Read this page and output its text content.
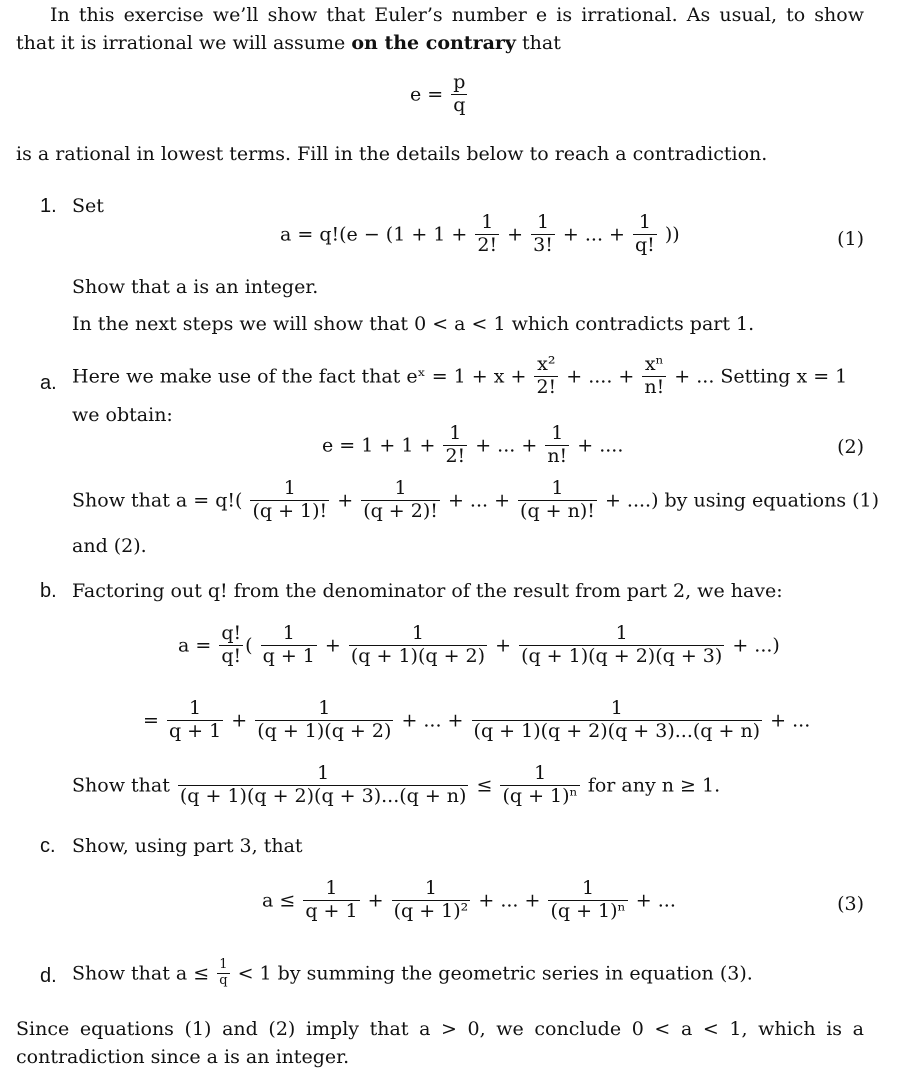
In this exercise we’ll show that Euler’s number e is irrational. As usual, to show
that it is irrational we will assume on the contrary that
$e = \frac{p}{q}$
is a rational in lowest terms. Fill in the details below to reach a contradiction.
1. Set
$a = q!(e - (1 + 1 + \frac{1}{2!} + \frac{1}{3!}$ + ... + $\frac{1}{q!}$ ))	(1)
Show that a is an integer.
In the next steps we will show that 0 < a < 1 which contradicts part 1.
a. Here we make use of the fact that eˣ = $1 + x + \frac{\text{x²}}{2!}$ + .... + $\frac{\text{xⁿ}}{n!}$ + ... Setting x = 1
we obtain:
$e = 1 + 1 + \frac{1}{2!}$ + ... + $\frac{1}{n!}$ + ....	(2)
Show that $a = q!( \frac{1}{(q + 1)!} + \frac{1}{(q + 2)!}$ + ... + $\frac{1}{(q + n)!}$ + ....) by using equations (1)
and (2).
b. Factoring out q! from the denominator of the result from part 2, we have:
$a = \frac{q!}{q!}$ ( $\frac{1}{q + 1} + \frac{1}{(q + 1)(q + 2)} + \frac{1}{(q + 1)(q + 2)(q + 3)}$ + ...)
= $\frac{1}{q + 1} + \frac{1}{(q + 1)(q + 2)}$ + ... + $\frac{1}{(q + 1)(q + 2)(q + 3)...(q + n)}$ + ...
Show that $\frac{1}{(q + 1)(q + 2)(q + 3)...(q + n)} \le \frac{1}{\text{(q + 1)ⁿ}}$ for any n ≥ 1.
c. Show, using part 3, that
$a \le \frac{1}{q + 1} + \frac{1}{\text{(q + 1)²}}$ + ... + $\frac{1}{\text{(q + 1)ⁿ}}$ + ...	(3)
d. Show that $a \le \frac{1}{q} < 1$ by summing the geometric series in equation (3).
Since equations (1) and (2) imply that a > 0, we conclude 0 < a < 1, which is a
contradiction since a is an integer.
